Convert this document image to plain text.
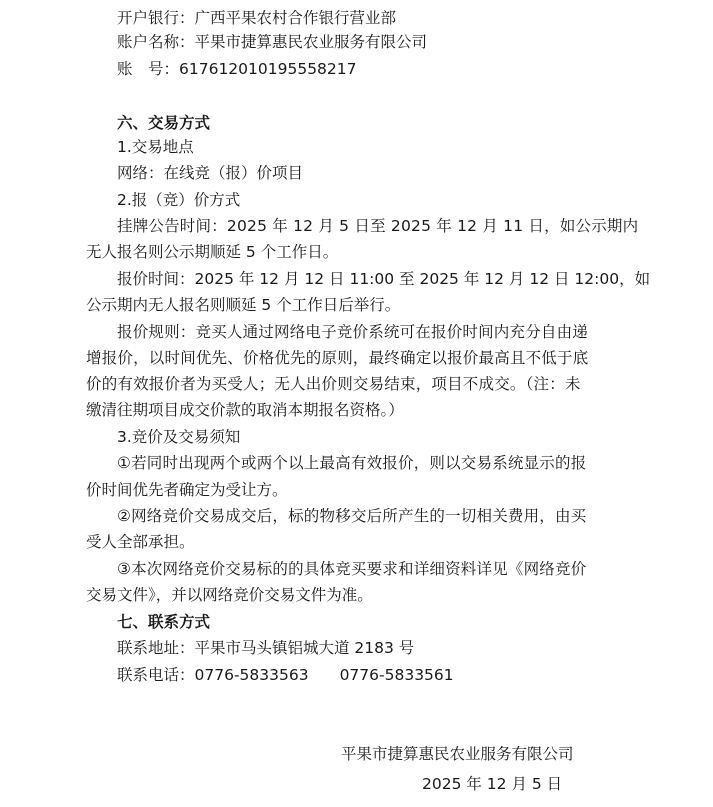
开户银行：广西平果农村合作银行营业部
账户名称：平果市捷算惠民农业服务有限公司
账　号：617612010195558217
六、交易方式
1.交易地点
网络：在线竞（报）价项目
2.报（竞）价方式
挂牌公告时间：2025 年 12 月 5 日至 2025 年 12 月 11 日，如公示期内
无人报名则公示期顺延 5 个工作日。
报价时间：2025 年 12 月 12 日 11:00 至 2025 年 12 月 12 日 12:00，如
公示期内无人报名则顺延 5 个工作日后举行。
报价规则：竞买人通过网络电子竞价系统可在报价时间内充分自由递
增报价，以时间优先、价格优先的原则，最终确定以报价最高且不低于底
价的有效报价者为买受人；无人出价则交易结束，项目不成交。（注：未
缴清往期项目成交价款的取消本期报名资格。）
3.竞价及交易须知
①若同时出现两个或两个以上最高有效报价，则以交易系统显示的报
价时间优先者确定为受让方。
②网络竞价交易成交后，标的物移交后所产生的一切相关费用，由买
受人全部承担。
③本次网络竞价交易标的的具体竞买要求和详细资料详见《网络竞价
交易文件》，并以网络竞价交易文件为准。
七、联系方式
联系地址：平果市马头镇铝城大道 2183 号
联系电话：0776-5833563　　0776-5833561
平果市捷算惠民农业服务有限公司
2025 年 12 月 5 日
